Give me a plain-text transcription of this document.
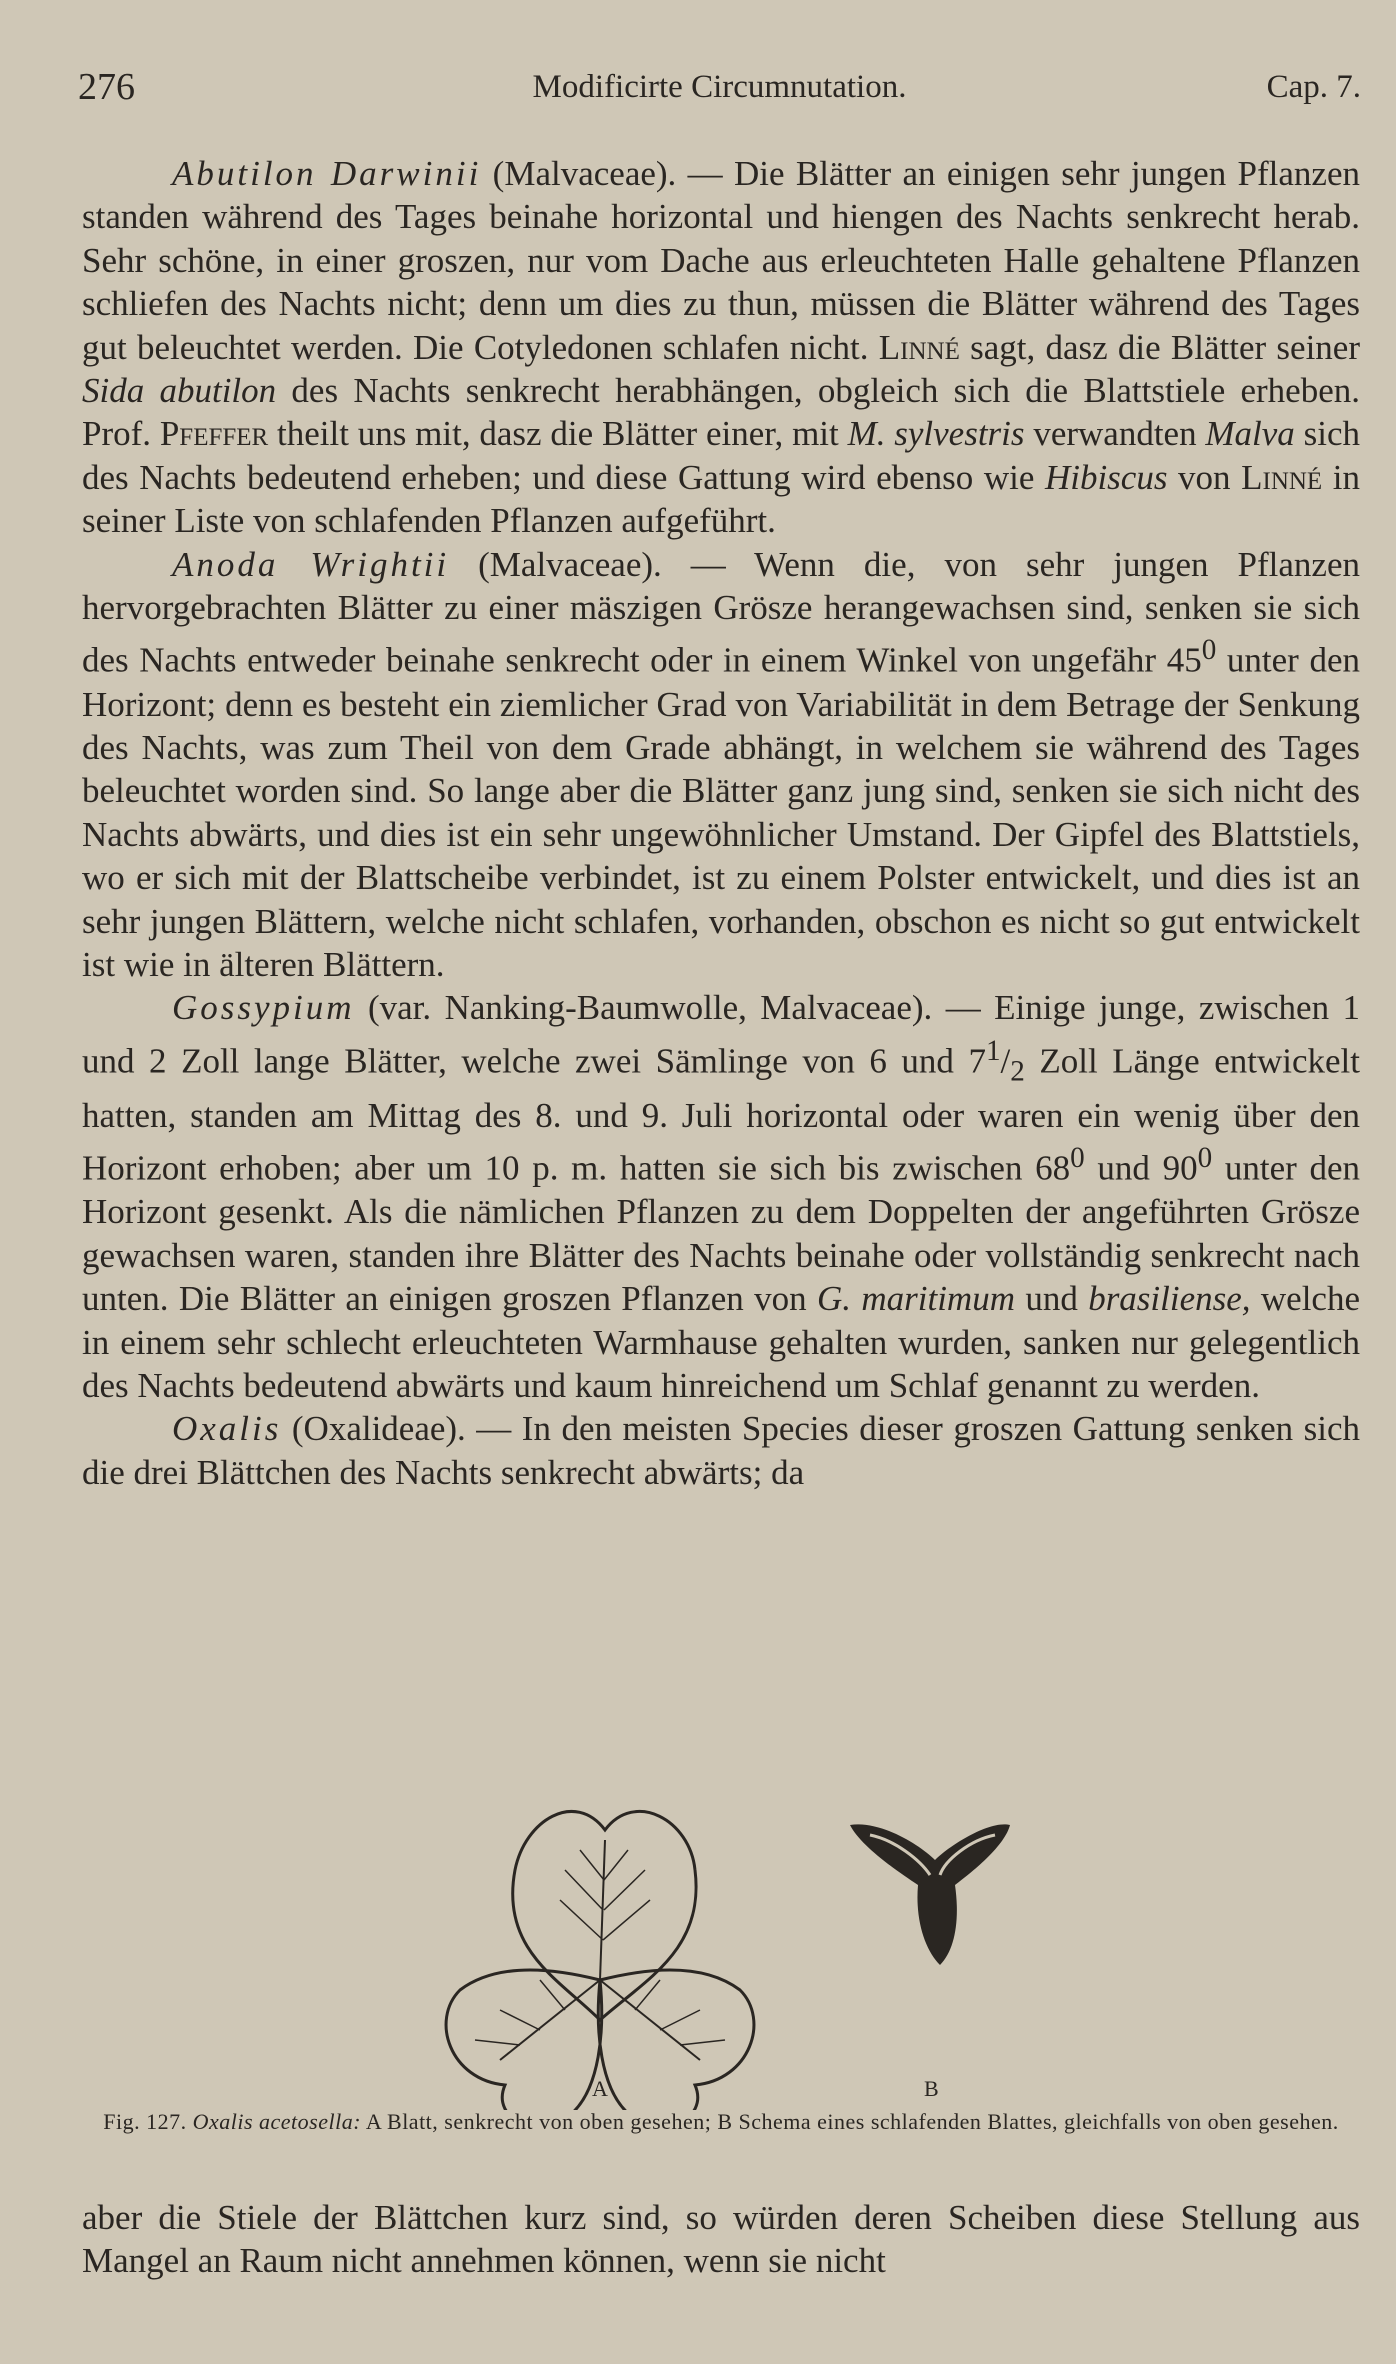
276	Modificirte Circumnutation.	Cap. 7.

Abutilon Darwinii (Malvaceae). — Die Blätter an einigen sehr jungen Pflanzen standen während des Tages beinahe horizontal und hiengen des Nachts senkrecht herab. Sehr schöne, in einer groszen, nur vom Dache aus erleuchteten Halle gehaltene Pflanzen schliefen des Nachts nicht; denn um dies zu thun, müssen die Blätter während des Tages gut beleuchtet werden. Die Cotyledonen schlafen nicht. Linné sagt, dasz die Blätter seiner Sida abutilon des Nachts senkrecht herabhängen, obgleich sich die Blattstiele erheben. Prof. Pfeffer theilt uns mit, dasz die Blätter einer, mit M. sylvestris verwandten Malva sich des Nachts bedeutend erheben; und diese Gattung wird ebenso wie Hibiscus von Linné in seiner Liste von schlafenden Pflanzen aufgeführt.

Anoda Wrightii (Malvaceae). — Wenn die, von sehr jungen Pflanzen hervorgebrachten Blätter zu einer mäszigen Grösze herangewachsen sind, senken sie sich des Nachts entweder beinahe senkrecht oder in einem Winkel von ungefähr $45^0$ unter den Horizont; denn es besteht ein ziemlicher Grad von Variabilität in dem Betrage der Senkung des Nachts, was zum Theil von dem Grade abhängt, in welchem sie während des Tages beleuchtet worden sind. So lange aber die Blätter ganz jung sind, senken sie sich nicht des Nachts abwärts, und dies ist ein sehr ungewöhnlicher Umstand. Der Gipfel des Blattstiels, wo er sich mit der Blattscheibe verbindet, ist zu einem Polster entwickelt, und dies ist an sehr jungen Blättern, welche nicht schlafen, vorhanden, obschon es nicht so gut entwickelt ist wie in älteren Blättern.

Gossypium (var. Nanking-Baumwolle, Malvaceae). — Einige junge, zwischen 1 und 2 Zoll lange Blätter, welche zwei Sämlinge von 6 und $7^1/_2$ Zoll Länge entwickelt hatten, standen am Mittag des 8. und 9. Juli horizontal oder waren ein wenig über den Horizont erhoben; aber um 10 p. m. hatten sie sich bis zwischen $68^0$ und $90^0$ unter den Horizont gesenkt. Als die nämlichen Pflanzen zu dem Doppelten der angeführten Grösze gewachsen waren, standen ihre Blätter des Nachts beinahe oder vollständig senkrecht nach unten. Die Blätter an einigen groszen Pflanzen von G. maritimum und brasiliense, welche in einem sehr schlecht erleuchteten Warmhause gehalten wurden, sanken nur gelegentlich des Nachts bedeutend abwärts und kaum hinreichend um Schlaf genannt zu werden.

Oxalis (Oxalideae). — In den meisten Species dieser groszen Gattung senken sich die drei Blättchen des Nachts senkrecht abwärts; da

A	B
Fig. 127. Oxalis acetosella: A Blatt, senkrecht von oben gesehen; B Schema eines schlafenden Blattes, gleichfalls von oben gesehen.

aber die Stiele der Blättchen kurz sind, so würden deren Scheiben diese Stellung aus Mangel an Raum nicht annehmen können, wenn sie nicht
